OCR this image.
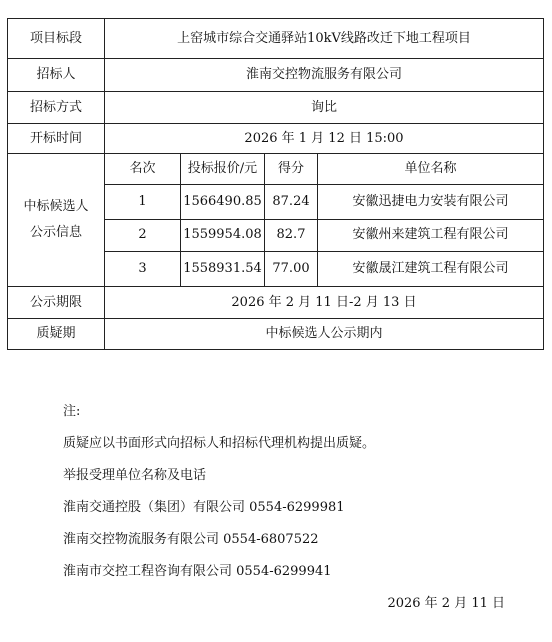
项目标段	上窑城市综合交通驿站10kV线路改迁下地工程项目
招标人	淮南交控物流服务有限公司
招标方式	询比
开标时间	2026 年 1 月 12 日 15:00

中标候选人
公示信息

名次	投标报价/元	得分	单位名称
1	1566490.85	87.24	安徽迅捷电力安装有限公司
2	1559954.08	82.7	安徽州来建筑工程有限公司
3	1558931.54	77.00	安徽晟江建筑工程有限公司

公示期限	2026 年 2 月 11 日-2 月 13 日
质疑期	中标候选人公示期内
注:
质疑应以书面形式向招标人和招标代理机构提出质疑。
举报受理单位名称及电话
淮南交通控股（集团）有限公司 0554-6299981
淮南交控物流服务有限公司 0554-6807522
淮南市交控工程咨询有限公司 0554-6299941
2026 年 2 月 11 日
